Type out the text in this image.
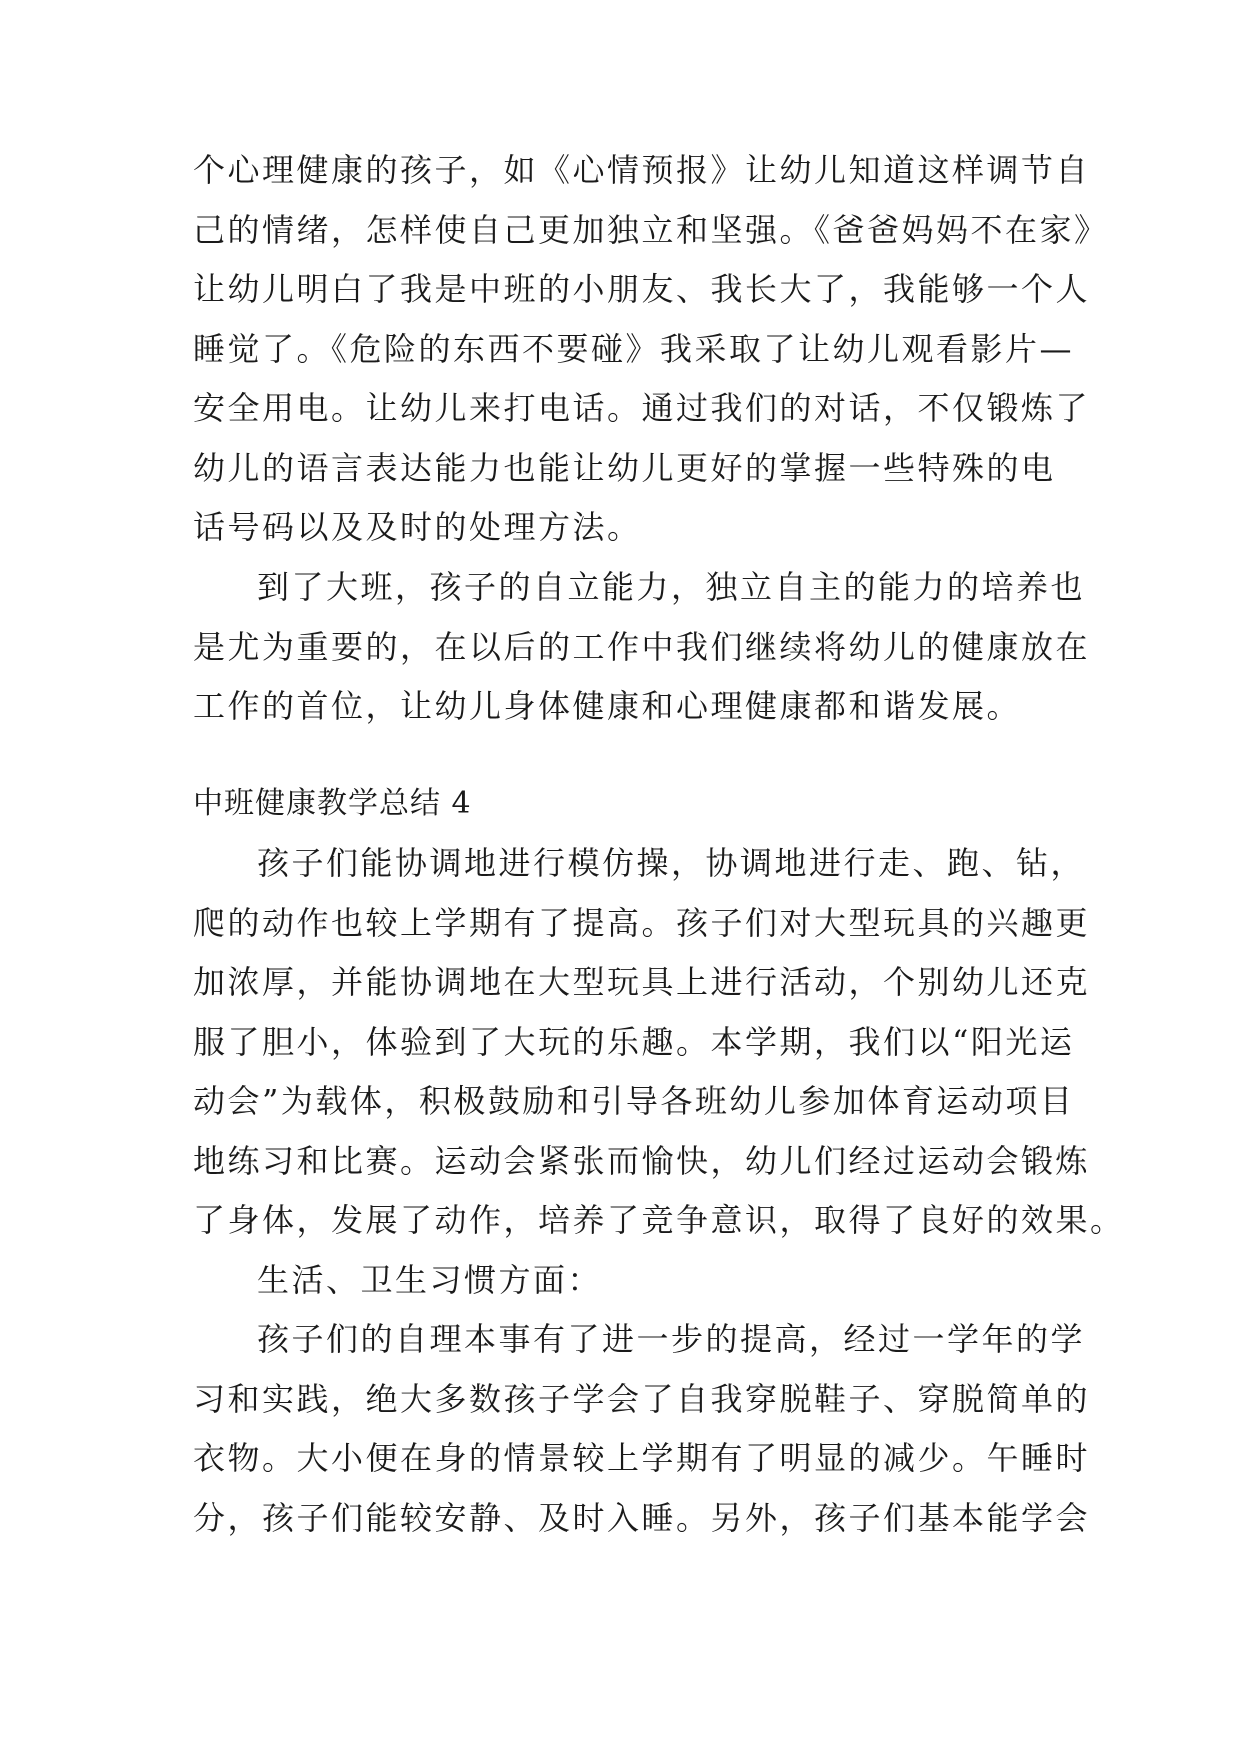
个心理健康的孩子，如《心情预报》让幼儿知道这样调节自
己的情绪，怎样使自己更加独立和坚强。《爸爸妈妈不在家》
让幼儿明白了我是中班的小朋友、我长大了，我能够一个人
睡觉了。《危险的东西不要碰》我采取了让幼儿观看影片—
安全用电。让幼儿来打电话。通过我们的对话，不仅锻炼了
幼儿的语言表达能力也能让幼儿更好的掌握一些特殊的电
话号码以及及时的处理方法。
到了大班，孩子的自立能力，独立自主的能力的培养也
是尤为重要的，在以后的工作中我们继续将幼儿的健康放在
工作的首位，让幼儿身体健康和心理健康都和谐发展。
中班健康教学总结 4
孩子们能协调地进行模仿操，协调地进行走、跑、钻，
爬的动作也较上学期有了提高。孩子们对大型玩具的兴趣更
加浓厚，并能协调地在大型玩具上进行活动，个别幼儿还克
服了胆小，体验到了大玩的乐趣。本学期，我们以“阳光运
动会”为载体，积极鼓励和引导各班幼儿参加体育运动项目
地练习和比赛。运动会紧张而愉快，幼儿们经过运动会锻炼
了身体，发展了动作，培养了竞争意识，取得了良好的效果。
生活、卫生习惯方面：
孩子们的自理本事有了进一步的提高，经过一学年的学
习和实践，绝大多数孩子学会了自我穿脱鞋子、穿脱简单的
衣物。大小便在身的情景较上学期有了明显的减少。午睡时
分，孩子们能较安静、及时入睡。另外，孩子们基本能学会
